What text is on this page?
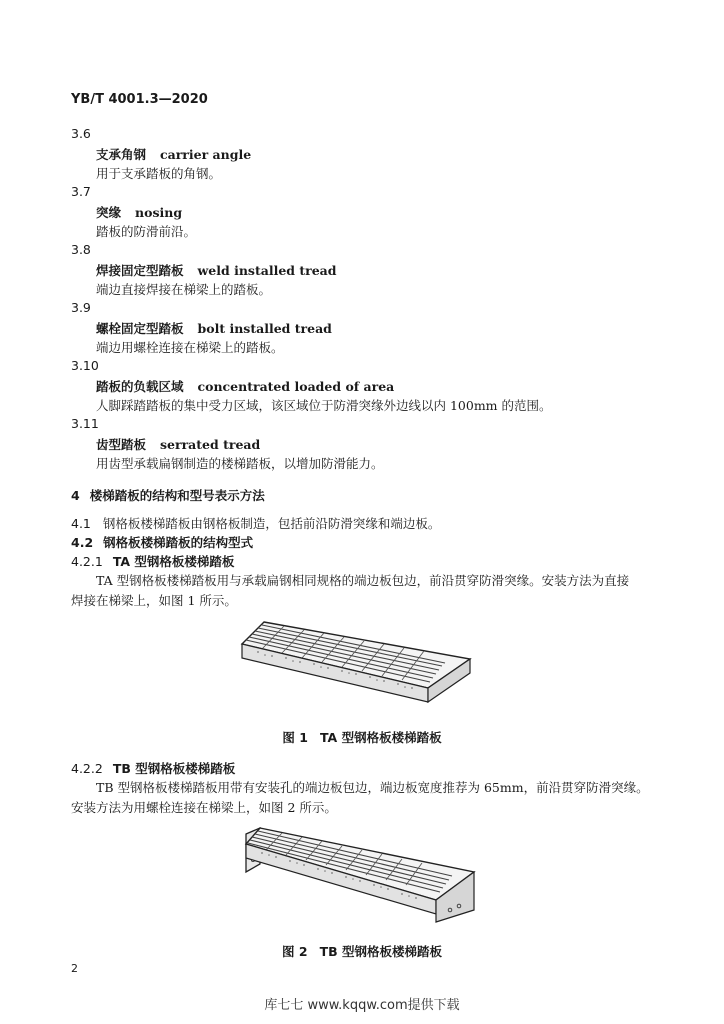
YB/T 4001.3—2020
3.6
支承角钢 carrier angle
用于支承踏板的角钢。
3.7
突缘 nosing
踏板的防滑前沿。
3.8
焊接固定型踏板 weld installed tread
端边直接焊接在梯梁上的踏板。
3.9
螺栓固定型踏板 bolt installed tread
端边用螺栓连接在梯梁上的踏板。
3.10
踏板的负载区域 concentrated loaded of area
人脚踩踏踏板的集中受力区域，该区域位于防滑突缘外边线以内 100mm 的范围。
3.11
齿型踏板 serrated tread
用齿型承载扁钢制造的楼梯踏板，以增加防滑能力。
4 楼梯踏板的结构和型号表示方法
4.1 钢格板楼梯踏板由钢格板制造，包括前沿防滑突缘和端边板。
4.2 钢格板楼梯踏板的结构型式
4.2.1 TA 型钢格板楼梯踏板
TA 型钢格板楼梯踏板用与承载扁钢相同规格的端边板包边，前沿贯穿防滑突缘。安装方法为直接
焊接在梯梁上，如图 1 所示。
图 1 TA 型钢格板楼梯踏板
4.2.2 TB 型钢格板楼梯踏板
TB 型钢格板楼梯踏板用带有安装孔的端边板包边，端边板宽度推荐为 65mm，前沿贯穿防滑突缘。
安装方法为用螺栓连接在梯梁上，如图 2 所示。
图 2 TB 型钢格板楼梯踏板
2
库七七 www.kqqw.com提供下载
